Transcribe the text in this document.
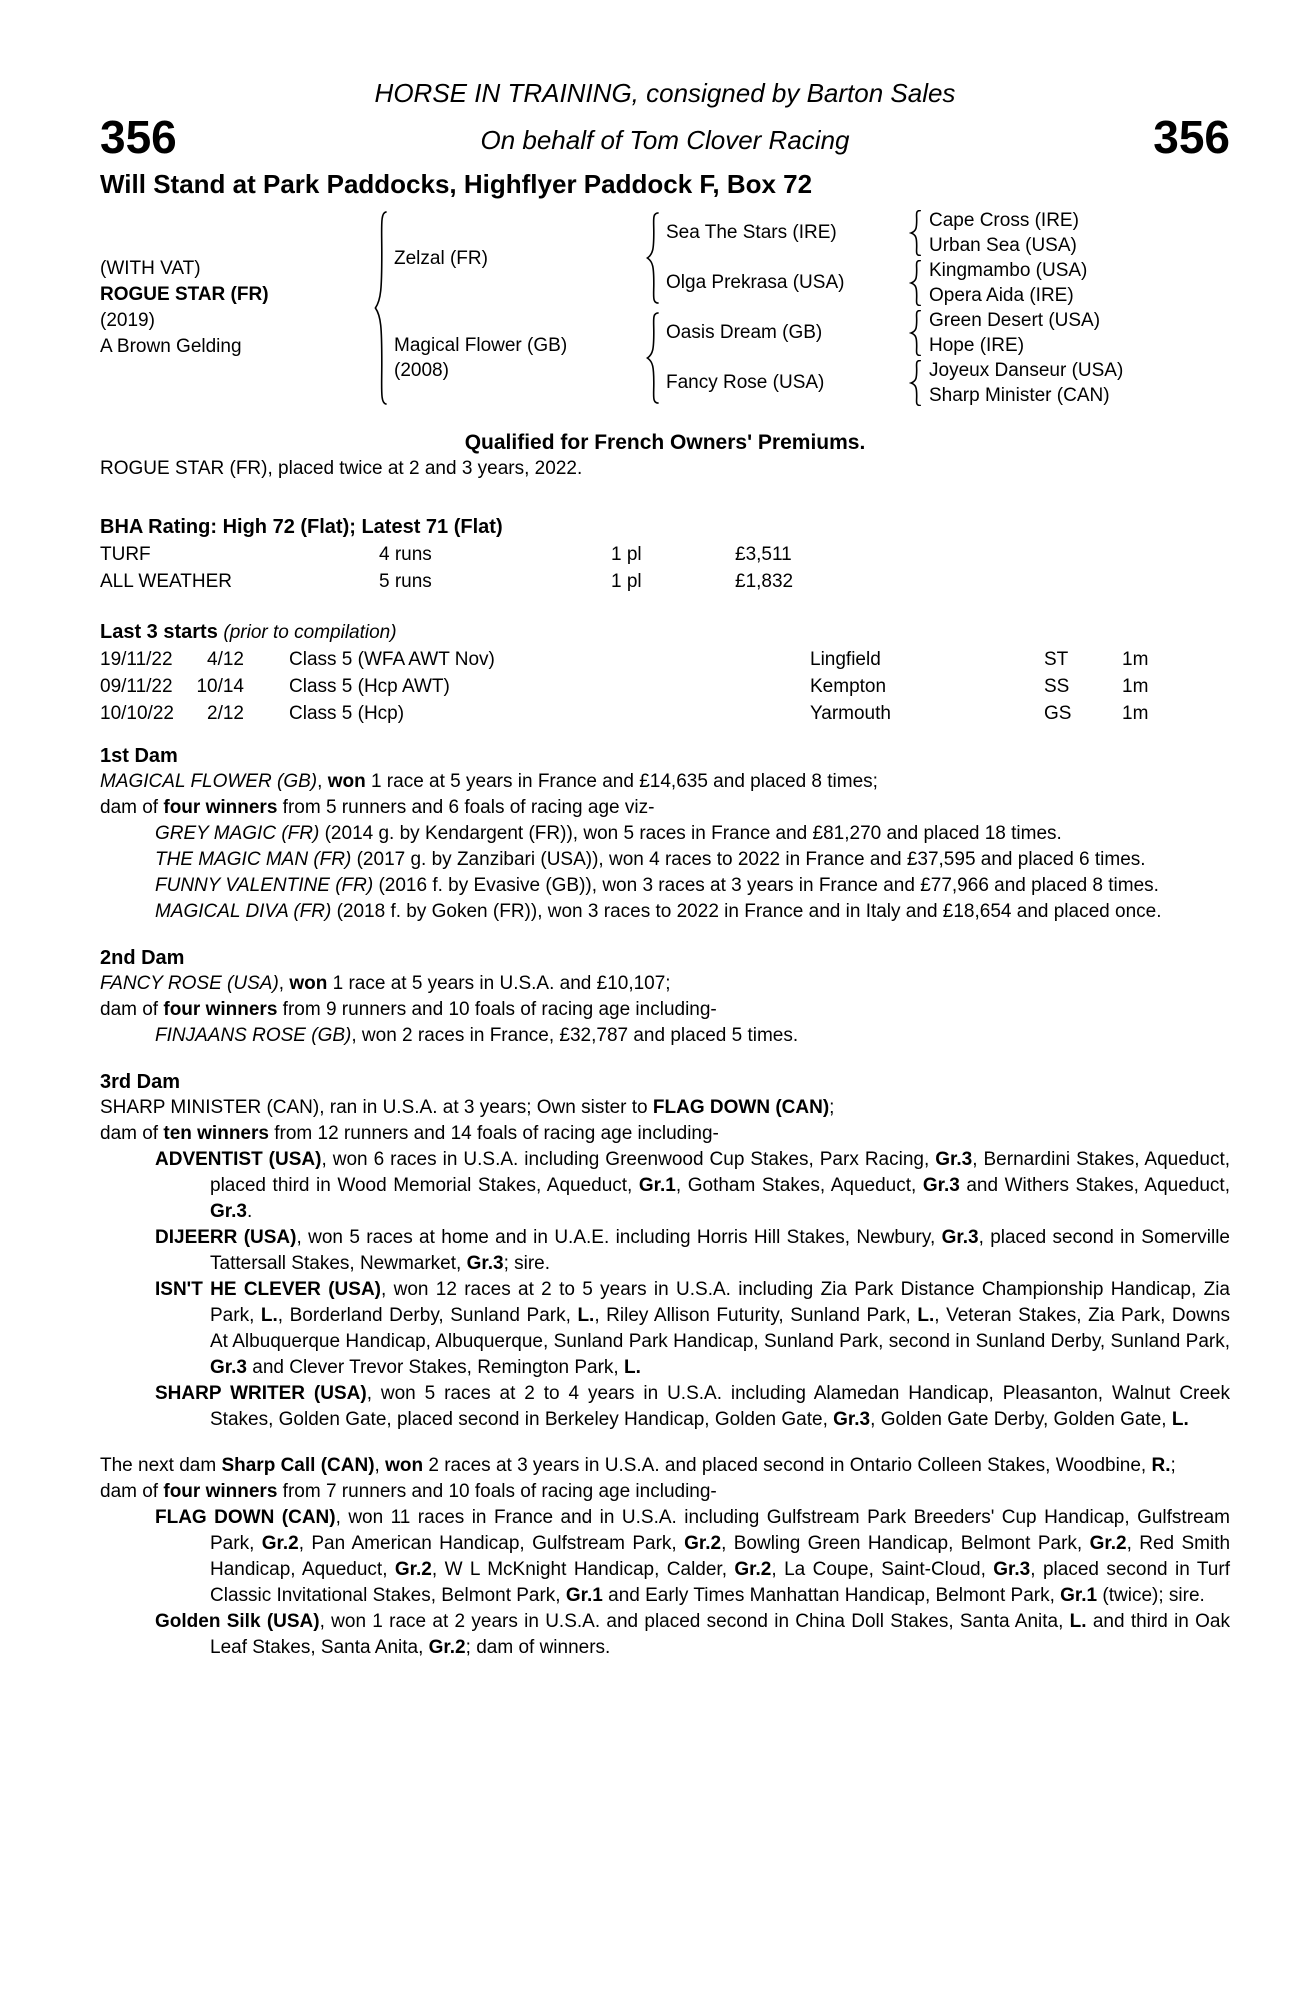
HORSE IN TRAINING, consigned by Barton Sales
356	On behalf of Tom Clover Racing	356
Will Stand at Park Paddocks, Highflyer Paddock F, Box 72
(WITH VAT)
ROGUE STAR (FR)
(2019)
A Brown Gelding
Zelzal (FR)
Magical Flower (GB)
(2008)
Sea The Stars (IRE)
Olga Prekrasa (USA)
Oasis Dream (GB)
Fancy Rose (USA)
Cape Cross (IRE)
Urban Sea (USA)
Kingmambo (USA)
Opera Aida (IRE)
Green Desert (USA)
Hope (IRE)
Joyeux Danseur (USA)
Sharp Minister (CAN)
Qualified for French Owners' Premiums.
ROGUE STAR (FR), placed twice at 2 and 3 years, 2022.
BHA Rating: High 72 (Flat); Latest 71 (Flat)
TURF	4 runs	1 pl	£3,511
ALL WEATHER	5 runs	1 pl	£1,832
Last 3 starts (prior to compilation)
19/11/22	4/12	Class 5 (WFA AWT Nov)	Lingfield	ST	1m
09/11/22	10/14	Class 5 (Hcp AWT)	Kempton	SS	1m
10/10/22	2/12	Class 5 (Hcp)	Yarmouth	GS	1m
1st Dam

MAGICAL FLOWER (GB), won 1 race at 5 years in France and £14,635 and placed 8 times;

dam of four winners from 5 runners and 6 foals of racing age viz-

GREY MAGIC (FR) (2014 g. by Kendargent (FR)), won 5 races in France and £81,270 and placed 18 times.

THE MAGIC MAN (FR) (2017 g. by Zanzibari (USA)), won 4 races to 2022 in France and £37,595 and placed 6 times.

FUNNY VALENTINE (FR) (2016 f. by Evasive (GB)), won 3 races at 3 years in France and £77,966 and placed 8 times.

MAGICAL DIVA (FR) (2018 f. by Goken (FR)), won 3 races to 2022 in France and in Italy and £18,654 and placed once.

2nd Dam

FANCY ROSE (USA), won 1 race at 5 years in U.S.A. and £10,107;

dam of four winners from 9 runners and 10 foals of racing age including-

FINJAANS ROSE (GB), won 2 races in France, £32,787 and placed 5 times.

3rd Dam

SHARP MINISTER (CAN), ran in U.S.A. at 3 years; Own sister to FLAG DOWN (CAN);

dam of ten winners from 12 runners and 14 foals of racing age including-

ADVENTIST (USA), won 6 races in U.S.A. including Greenwood Cup Stakes, Parx Racing, Gr.3, Bernardini Stakes, Aqueduct, placed third in Wood Memorial Stakes, Aqueduct, Gr.1, Gotham Stakes, Aqueduct, Gr.3 and Withers Stakes, Aqueduct, Gr.3.

DIJEERR (USA), won 5 races at home and in U.A.E. including Horris Hill Stakes, Newbury, Gr.3, placed second in Somerville Tattersall Stakes, Newmarket, Gr.3; sire.

ISN'T HE CLEVER (USA), won 12 races at 2 to 5 years in U.S.A. including Zia Park Distance Championship Handicap, Zia Park, L., Borderland Derby, Sunland Park, L., Riley Allison Futurity, Sunland Park, L., Veteran Stakes, Zia Park, Downs At Albuquerque Handicap, Albuquerque, Sunland Park Handicap, Sunland Park, second in Sunland Derby, Sunland Park, Gr.3 and Clever Trevor Stakes, Remington Park, L.

SHARP WRITER (USA), won 5 races at 2 to 4 years in U.S.A. including Alamedan Handicap, Pleasanton, Walnut Creek Stakes, Golden Gate, placed second in Berkeley Handicap, Golden Gate, Gr.3, Golden Gate Derby, Golden Gate, L.

The next dam Sharp Call (CAN), won 2 races at 3 years in U.S.A. and placed second in Ontario Colleen Stakes, Woodbine, R.;

dam of four winners from 7 runners and 10 foals of racing age including-

FLAG DOWN (CAN), won 11 races in France and in U.S.A. including Gulfstream Park Breeders' Cup Handicap, Gulfstream Park, Gr.2, Pan American Handicap, Gulfstream Park, Gr.2, Bowling Green Handicap, Belmont Park, Gr.2, Red Smith Handicap, Aqueduct, Gr.2, W L McKnight Handicap, Calder, Gr.2, La Coupe, Saint-Cloud, Gr.3, placed second in Turf Classic Invitational Stakes, Belmont Park, Gr.1 and Early Times Manhattan Handicap, Belmont Park, Gr.1 (twice); sire.

Golden Silk (USA), won 1 race at 2 years in U.S.A. and placed second in China Doll Stakes, Santa Anita, L. and third in Oak Leaf Stakes, Santa Anita, Gr.2; dam of winners.
